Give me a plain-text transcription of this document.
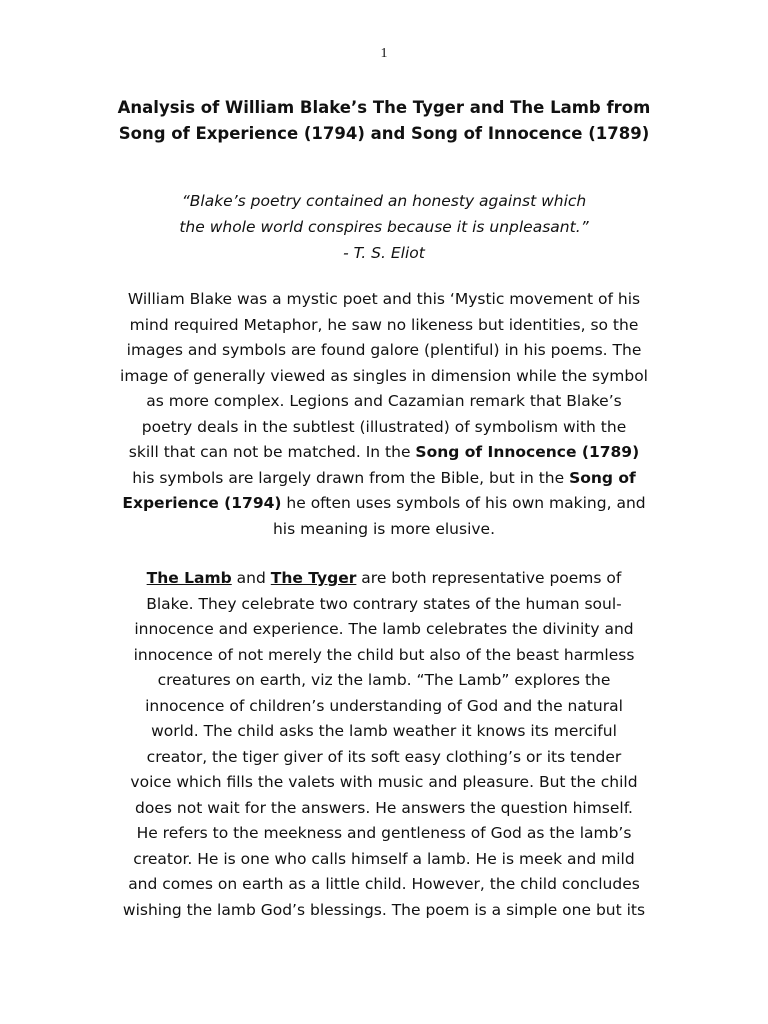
1
Analysis of William Blake’s The Tyger and The Lamb from
Song of Experience (1794) and Song of Innocence (1789)
“Blake’s poetry contained an honesty against which
the whole world conspires because it is unpleasant.”
- T. S. Eliot
William Blake was a mystic poet and this ‘Mystic movement of his
mind required Metaphor, he saw no likeness but identities, so the
images and symbols are found galore (plentiful) in his poems. The
image of generally viewed as singles in dimension while the symbol
as more complex. Legions and Cazamian remark that Blake’s
poetry deals in the subtlest (illustrated) of symbolism with the
skill that can not be matched. In the Song of Innocence (1789)
his symbols are largely drawn from the Bible, but in the Song of
Experience (1794) he often uses symbols of his own making, and
his meaning is more elusive.
The Lamb and The Tyger are both representative poems of
Blake. They celebrate two contrary states of the human soul-
innocence and experience. The lamb celebrates the divinity and
innocence of not merely the child but also of the beast harmless
creatures on earth, viz the lamb. “The Lamb” explores the
innocence of children’s understanding of God and the natural
world. The child asks the lamb weather it knows its merciful
creator, the tiger giver of its soft easy clothing’s or its tender
voice which fills the valets with music and pleasure. But the child
does not wait for the answers. He answers the question himself.
He refers to the meekness and gentleness of God as the lamb’s
creator. He is one who calls himself a lamb. He is meek and mild
and comes on earth as a little child. However, the child concludes
wishing the lamb God’s blessings. The poem is a simple one but its
